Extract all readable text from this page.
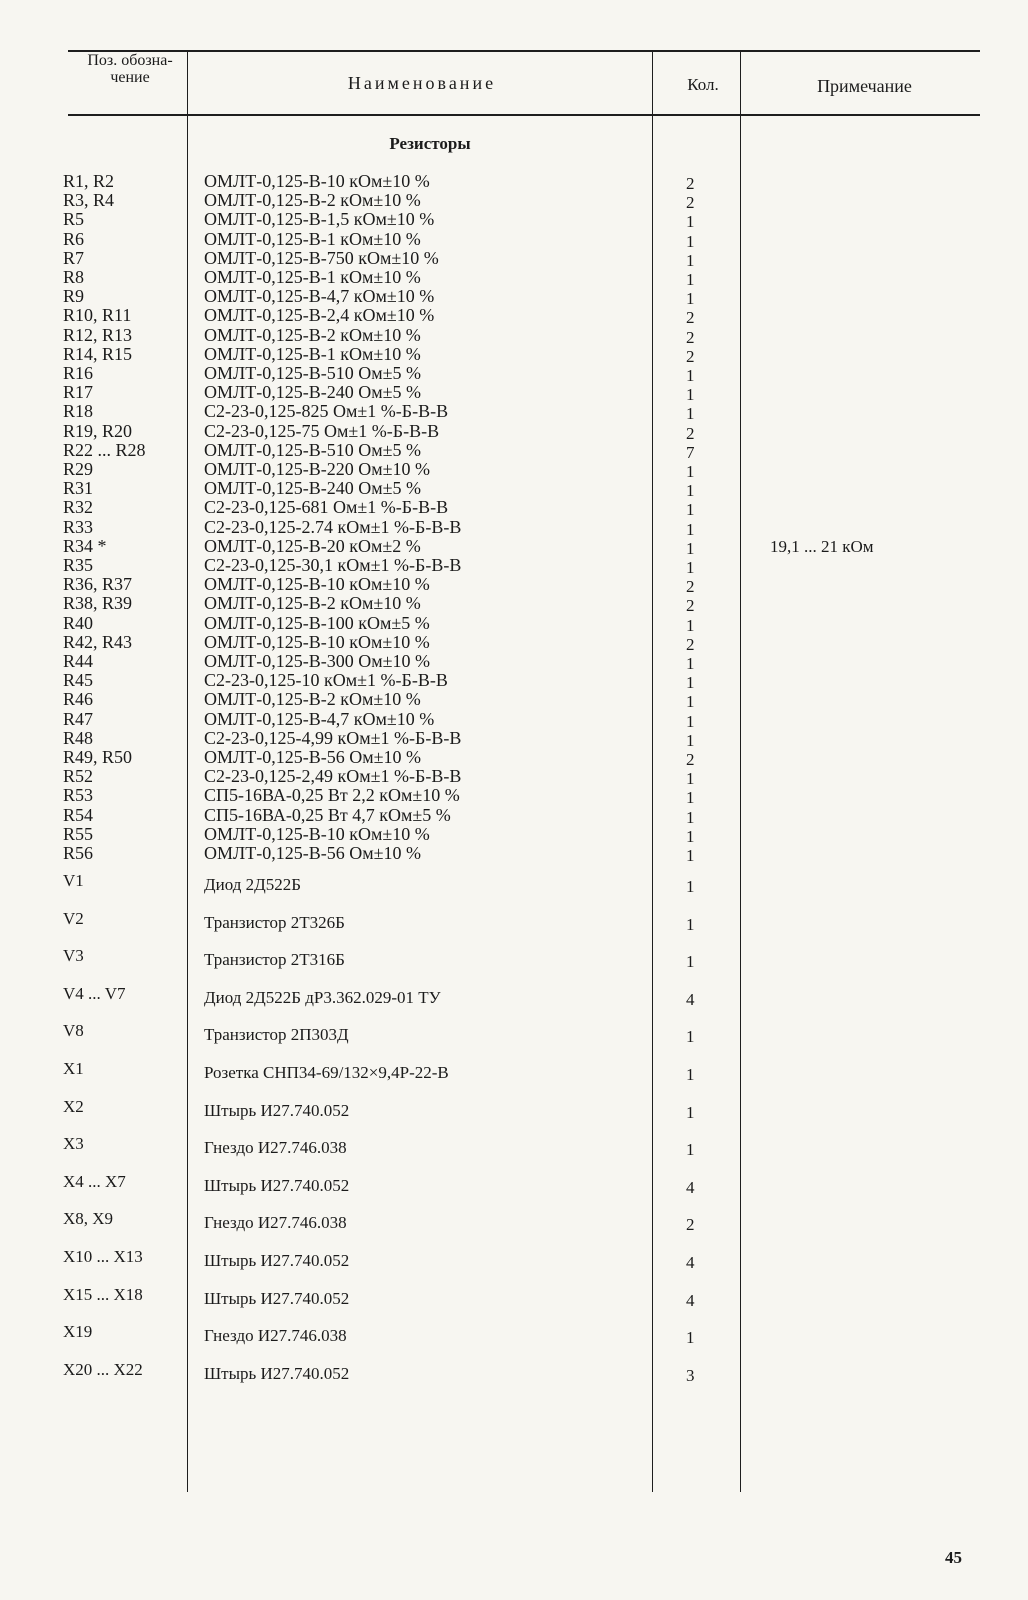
Поз. обозна- чение	Наименование	Кол.	Примечание
Резисторы
R1, R2	ОМЛТ-0,125-В-10 кОм±10 %	2
R3, R4	ОМЛТ-0,125-В-2 кОм±10 %	2
R5	ОМЛТ-0,125-В-1,5 кОм±10 %	1
R6	ОМЛТ-0,125-В-1 кОм±10 %	1
R7	ОМЛТ-0,125-В-750 кОм±10 %	1
R8	ОМЛТ-0,125-В-1 кОм±10 %	1
R9	ОМЛТ-0,125-В-4,7 кОм±10 %	1
R10, R11	ОМЛТ-0,125-В-2,4 кОм±10 %	2
R12, R13	ОМЛТ-0,125-В-2 кОм±10 %	2
R14, R15	ОМЛТ-0,125-В-1 кОм±10 %	2
R16	ОМЛТ-0,125-В-510 Ом±5 %	1
R17	ОМЛТ-0,125-В-240 Ом±5 %	1
R18	С2-23-0,125-825 Ом±1 %-Б-В-В	1
R19, R20	С2-23-0,125-75 Ом±1 %-Б-В-В	2
R22 ... R28	ОМЛТ-0,125-В-510 Ом±5 %	7
R29	ОМЛТ-0,125-В-220 Ом±10 %	1
R31	ОМЛТ-0,125-В-240 Ом±5 %	1
R32	С2-23-0,125-681 Ом±1 %-Б-В-В	1
R33	С2-23-0,125-2.74 кОм±1 %-Б-В-В	1
R34 *	ОМЛТ-0,125-В-20 кОм±2 %	1	19,1 ... 21 кОм
R35	С2-23-0,125-30,1 кОм±1 %-Б-В-В	1
R36, R37	ОМЛТ-0,125-В-10 кОм±10 %	2
R38, R39	ОМЛТ-0,125-В-2 кОм±10 %	2
R40	ОМЛТ-0,125-В-100 кОм±5 %	1
R42, R43	ОМЛТ-0,125-В-10 кОм±10 %	2
R44	ОМЛТ-0,125-В-300 Ом±10 %	1
R45	С2-23-0,125-10 кОм±1 %-Б-В-В	1
R46	ОМЛТ-0,125-В-2 кОм±10 %	1
R47	ОМЛТ-0,125-В-4,7 кОм±10 %	1
R48	С2-23-0,125-4,99 кОм±1 %-Б-В-В	1
R49, R50	ОМЛТ-0,125-В-56 Ом±10 %	2
R52	С2-23-0,125-2,49 кОм±1 %-Б-В-В	1
R53	СП5-16ВА-0,25 Вт 2,2 кОм±10 %	1
R54	СП5-16ВА-0,25 Вт 4,7 кОм±5 %	1
R55	ОМЛТ-0,125-В-10 кОм±10 %	1
R56	ОМЛТ-0,125-В-56 Ом±10 %	1
V1	Диод 2Д522Б	1
V2	Транзистор 2Т326Б	1
V3	Транзистор 2Т316Б	1
V4 ... V7	Диод 2Д522Б дР3.362.029-01 ТУ	4
V8	Транзистор 2П303Д	1
X1	Розетка СНП34-69/132×9,4Р-22-В	1
X2	Штырь И27.740.052	1
X3	Гнездо И27.746.038	1
X4 ... X7	Штырь И27.740.052	4
X8, X9	Гнездо И27.746.038	2
X10 ... X13	Штырь И27.740.052	4
X15 ... X18	Штырь И27.740.052	4
X19	Гнездо И27.746.038	1
X20 ... X22	Штырь И27.740.052	3
45
